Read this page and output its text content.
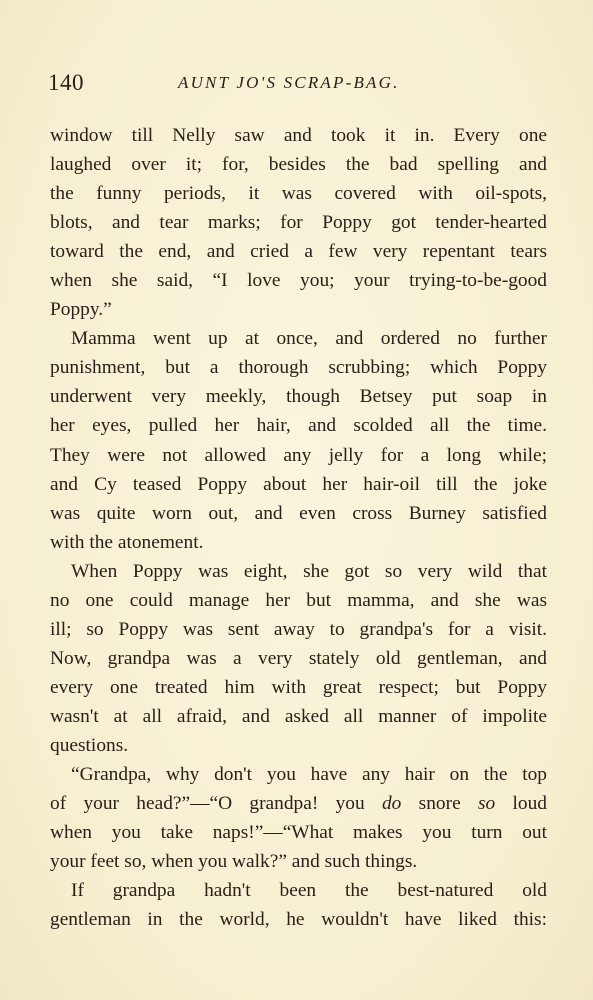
140	AUNT JO'S SCRAP-BAG.

window till Nelly saw and took it in. Every one
laughed over it; for, besides the bad spelling and
the funny periods, it was covered with oil-spots,
blots, and tear marks; for Poppy got tender-hearted
toward the end, and cried a few very repentant tears
when she said, “I love you; your trying-to-be-good
Poppy.”

Mamma went up at once, and ordered no further
punishment, but a thorough scrubbing; which Poppy
underwent very meekly, though Betsey put soap in
her eyes, pulled her hair, and scolded all the time.
They were not allowed any jelly for a long while;
and Cy teased Poppy about her hair-oil till the joke
was quite worn out, and even cross Burney satisfied
with the atonement.

When Poppy was eight, she got so very wild that
no one could manage her but mamma, and she was
ill; so Poppy was sent away to grandpa's for a visit.
Now, grandpa was a very stately old gentleman, and
every one treated him with great respect; but Poppy
wasn't at all afraid, and asked all manner of impolite
questions.

“Grandpa, why don't you have any hair on the top
of your head?”—“O grandpa! you do snore so loud
when you take naps!”—“What makes you turn out
your feet so, when you walk?” and such things.

If grandpa hadn't been the best-natured old
gentleman in the world, he wouldn't have liked this:
